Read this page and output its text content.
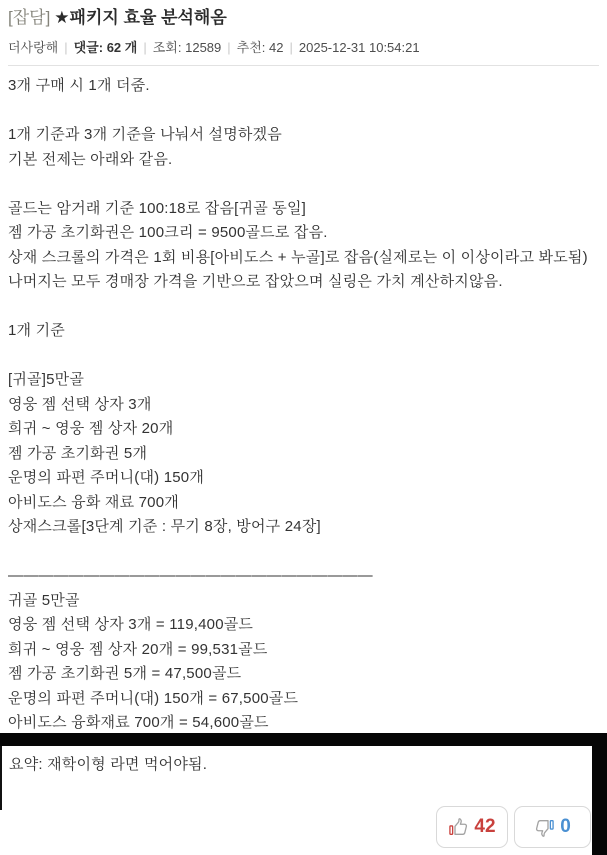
[잡담] ★패키지 효율 분석해옴
더사랑해 | 댓글: 62 개 | 조회: 12589 | 추천: 42 | 2025-12-31 10:54:21
3개 구매 시 1개 더줌.

1개 기준과 3개 기준을 나눠서 설명하겠음
기본 전제는 아래와 같음.

골드는 암거래 기준 100:18로 잡음[귀골 동일]
젬 가공 초기화권은 100크리 = 9500골드로 잡음.
상재 스크롤의 가격은 1회 비용[아비도스 + 누골]로 잡음(실제로는 이 이상이라고 봐도됨)
나머지는 모두 경매장 가격을 기반으로 잡았으며 실링은 가치 계산하지않음.

1개 기준

[귀골]5만골
영웅 젬 선택 상자 3개
희귀 ~ 영웅 젬 상자 20개
젬 가공 초기화권 5개
운명의 파편 주머니(대) 150개
아비도스 융화 재료 700개
상재스크롤[3단계 기준 : 무기 8장, 방어구 24장]

————————————————————————
귀골 5만골
영웅 젬 선택 상자 3개 = 119,400골드
희귀 ~ 영웅 젬 상자 20개 = 99,531골드
젬 가공 초기화권 5개 = 47,500골드
운명의 파편 주머니(대) 150개 = 67,500골드
아비도스 융화재료 700개 = 54,600골드
요약: 재학이형 라면 먹어야됨.
42	0
